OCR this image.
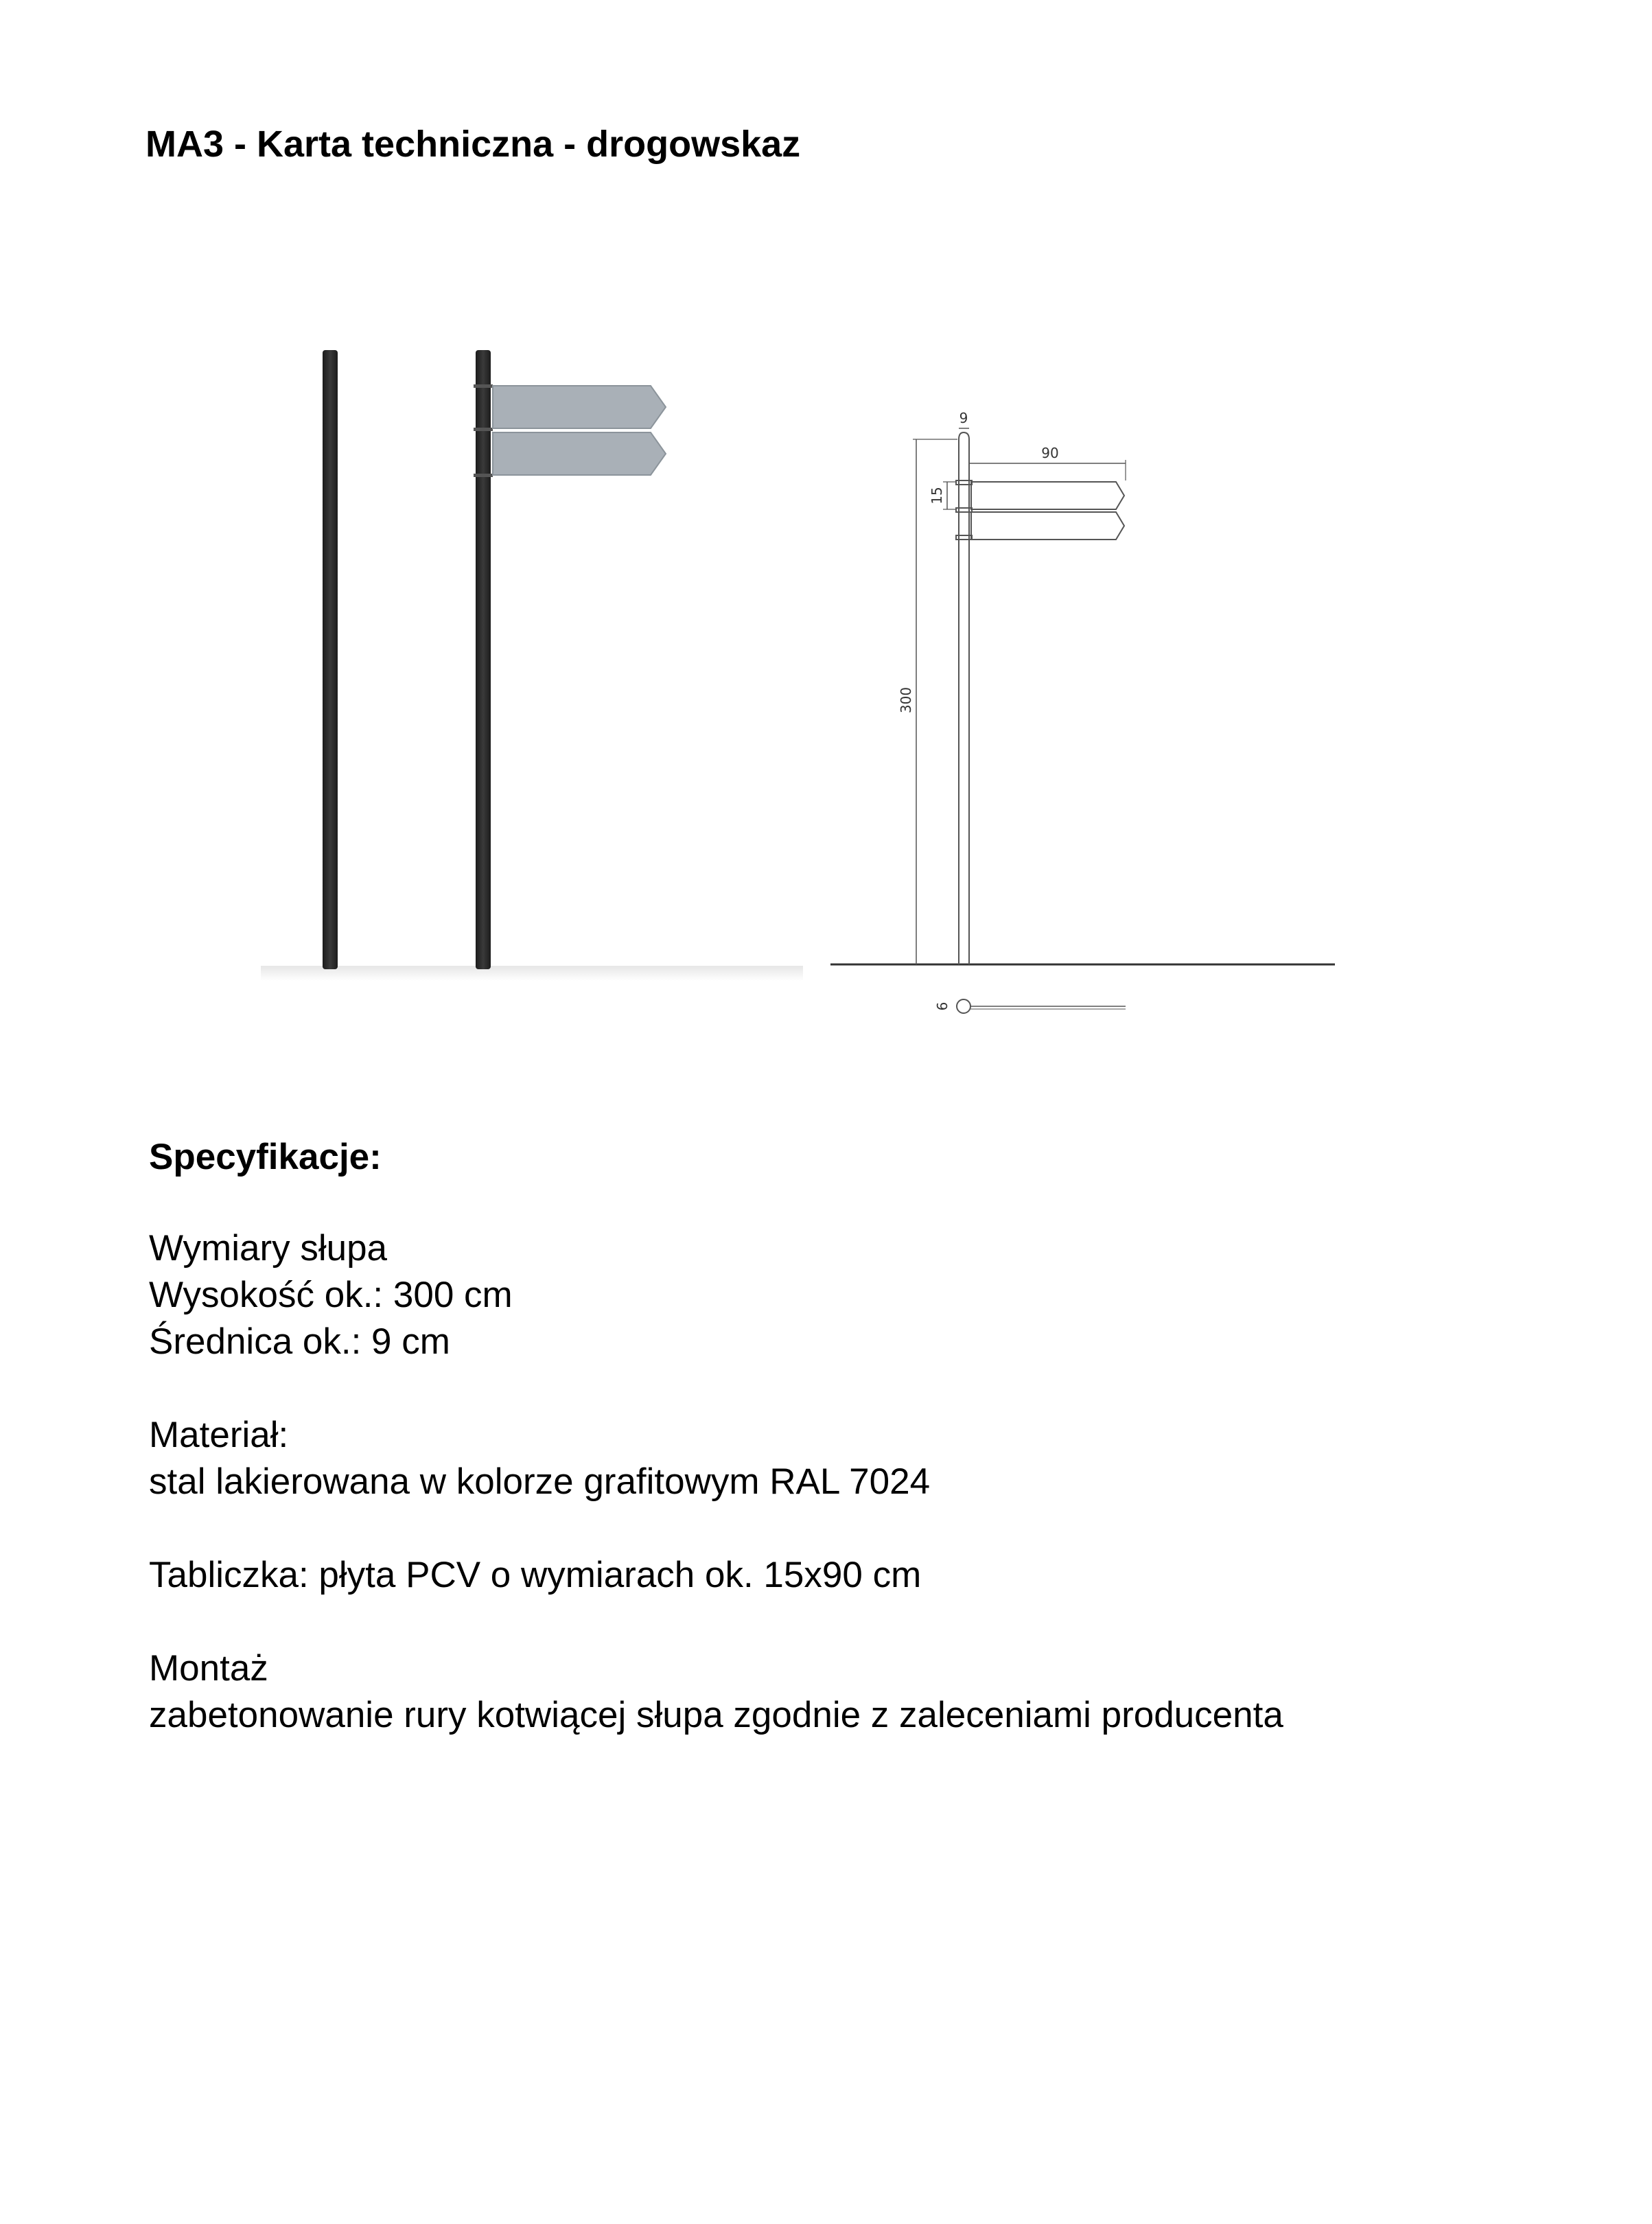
MA3 - Karta techniczna - drogowskaz
9
90
15
300
9
Specyfikacje:
Wymiary słupa
Wysokość ok.: 300 cm
Średnica ok.: 9 cm
Materiał:
stal lakierowana w kolorze grafitowym RAL 7024
Tabliczka: płyta PCV o wymiarach ok. 15x90 cm
Montaż
zabetonowanie rury kotwiącej słupa zgodnie z zaleceniami producenta
